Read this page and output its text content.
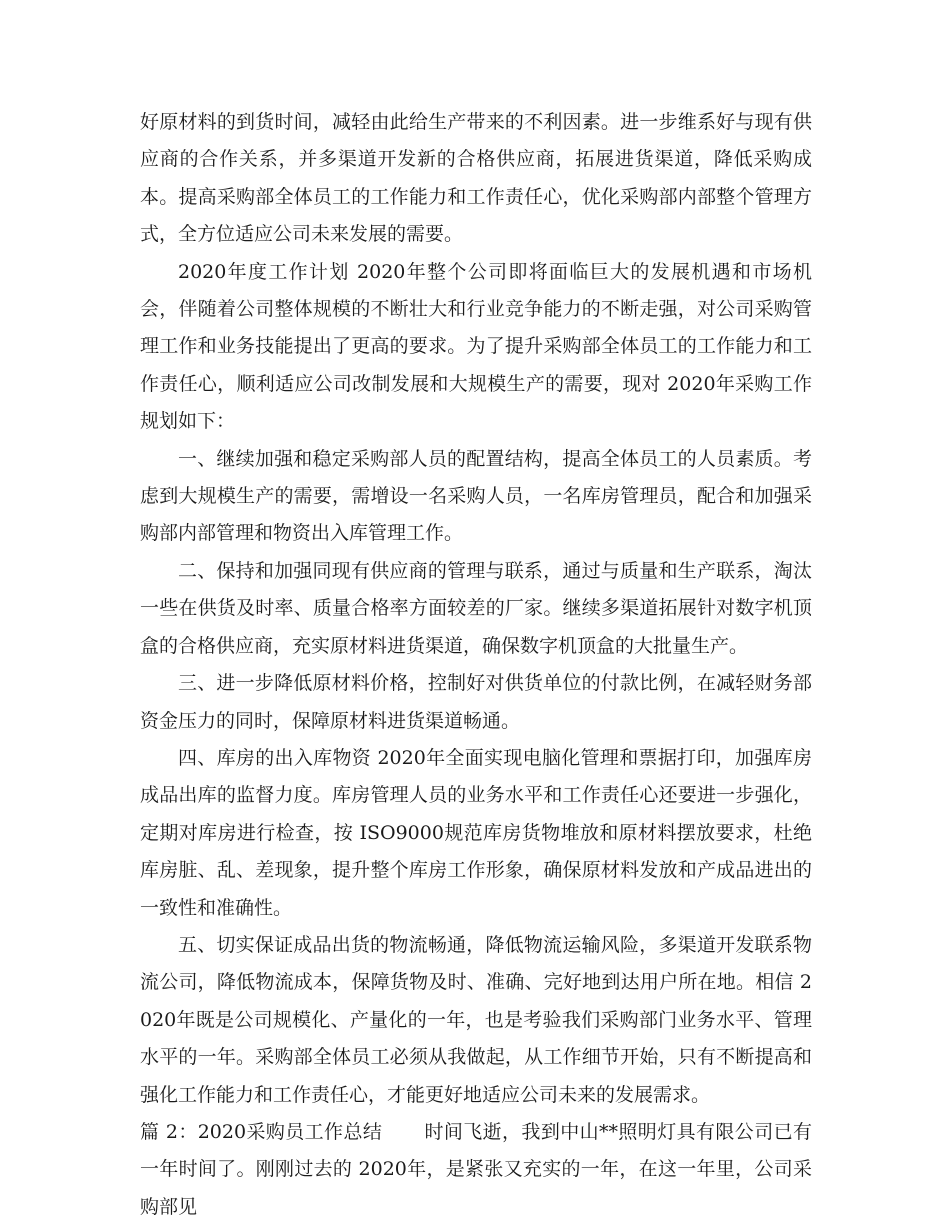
好原材料的到货时间，减轻由此给生产带来的不利因素。进一步维系好与现有供应商的合作关系，并多渠道开发新的合格供应商，拓展进货渠道，降低采购成本。提高采购部全体员工的工作能力和工作责任心，优化采购部内部整个管理方式，全方位适应公司未来发展的需要。

2020年度工作计划 2020年整个公司即将面临巨大的发展机遇和市场机会，伴随着公司整体规模的不断壮大和行业竞争能力的不断走强，对公司采购管理工作和业务技能提出了更高的要求。为了提升采购部全体员工的工作能力和工作责任心，顺利适应公司改制发展和大规模生产的需要，现对 2020年采购工作规划如下：

一、继续加强和稳定采购部人员的配置结构，提高全体员工的人员素质。考虑到大规模生产的需要，需增设一名采购人员，一名库房管理员，配合和加强采购部内部管理和物资出入库管理工作。

二、保持和加强同现有供应商的管理与联系，通过与质量和生产联系，淘汰一些在供货及时率、质量合格率方面较差的厂家。继续多渠道拓展针对数字机顶盒的合格供应商，充实原材料进货渠道，确保数字机顶盒的大批量生产。

三、进一步降低原材料价格，控制好对供货单位的付款比例，在减轻财务部资金压力的同时，保障原材料进货渠道畅通。

四、库房的出入库物资 2020年全面实现电脑化管理和票据打印，加强库房成品出库的监督力度。库房管理人员的业务水平和工作责任心还要进一步强化，定期对库房进行检查，按 ISO9000规范库房货物堆放和原材料摆放要求，杜绝库房脏、乱、差现象，提升整个库房工作形象，确保原材料发放和产成品进出的一致性和准确性。

五、切实保证成品出货的物流畅通，降低物流运输风险，多渠道开发联系物流公司，降低物流成本，保障货物及时、准确、完好地到达用户所在地。相信 2020年既是公司规模化、产量化的一年，也是考验我们采购部门业务水平、管理水平的一年。采购部全体员工必须从我做起，从工作细节开始，只有不断提高和强化工作能力和工作责任心，才能更好地适应公司未来的发展需求。

篇 2：2020采购员工作总结 时间飞逝，我到中山**照明灯具有限公司已有一年时间了。刚刚过去的 2020年，是紧张又充实的一年，在这一年里，公司采购部见
